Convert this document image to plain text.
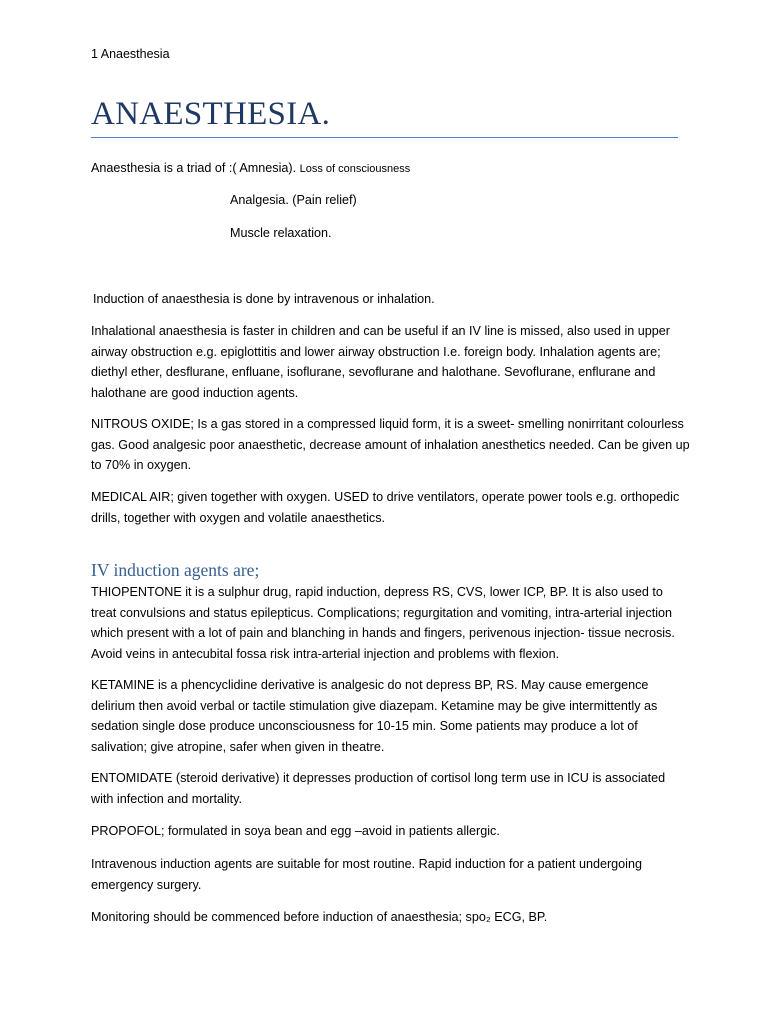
1 Anaesthesia
ANAESTHESIA.

Anaesthesia is a triad of :( Amnesia). Loss of consciousness

Analgesia. (Pain relief)

Muscle relaxation.

Induction of anaesthesia is done by intravenous or inhalation.

Inhalational anaesthesia is faster in children and can be useful if an IV line is missed, also used in upper airway obstruction e.g. epiglottitis and lower airway obstruction I.e. foreign body. Inhalation agents are; diethyl ether, desflurane, enfluane, isoflurane, sevoflurane and halothane. Sevoflurane, enflurane and halothane are good induction agents.

NITROUS OXIDE; Is a gas stored in a compressed liquid form, it is a sweet- smelling nonirritant colourless gas. Good analgesic poor anaesthetic, decrease amount of inhalation anesthetics needed. Can be given up to 70% in oxygen.

MEDICAL AIR; given together with oxygen. USED to drive ventilators, operate power tools e.g. orthopedic drills, together with oxygen and volatile anaesthetics.

IV induction agents are;

THIOPENTONE it is a sulphur drug, rapid induction, depress RS, CVS, lower ICP, BP. It is also used to treat convulsions and status epilepticus. Complications; regurgitation and vomiting, intra-arterial injection which present with a lot of pain and blanching in hands and fingers, perivenous injection- tissue necrosis. Avoid veins in antecubital fossa risk intra-arterial injection and problems with flexion.

KETAMINE is a phencyclidine derivative is analgesic do not depress BP, RS. May cause emergence delirium then avoid verbal or tactile stimulation give diazepam. Ketamine may be give intermittently as sedation single dose produce unconsciousness for 10-15 min. Some patients may produce a lot of salivation; give atropine, safer when given in theatre.

ENTOMIDATE (steroid derivative) it depresses production of cortisol long term use in ICU is associated with infection and mortality.

PROPOFOL; formulated in soya bean and egg –avoid in patients allergic.

Intravenous induction agents are suitable for most routine. Rapid induction for a patient undergoing emergency surgery.

Monitoring should be commenced before induction of anaesthesia; spo₂ ECG, BP.
